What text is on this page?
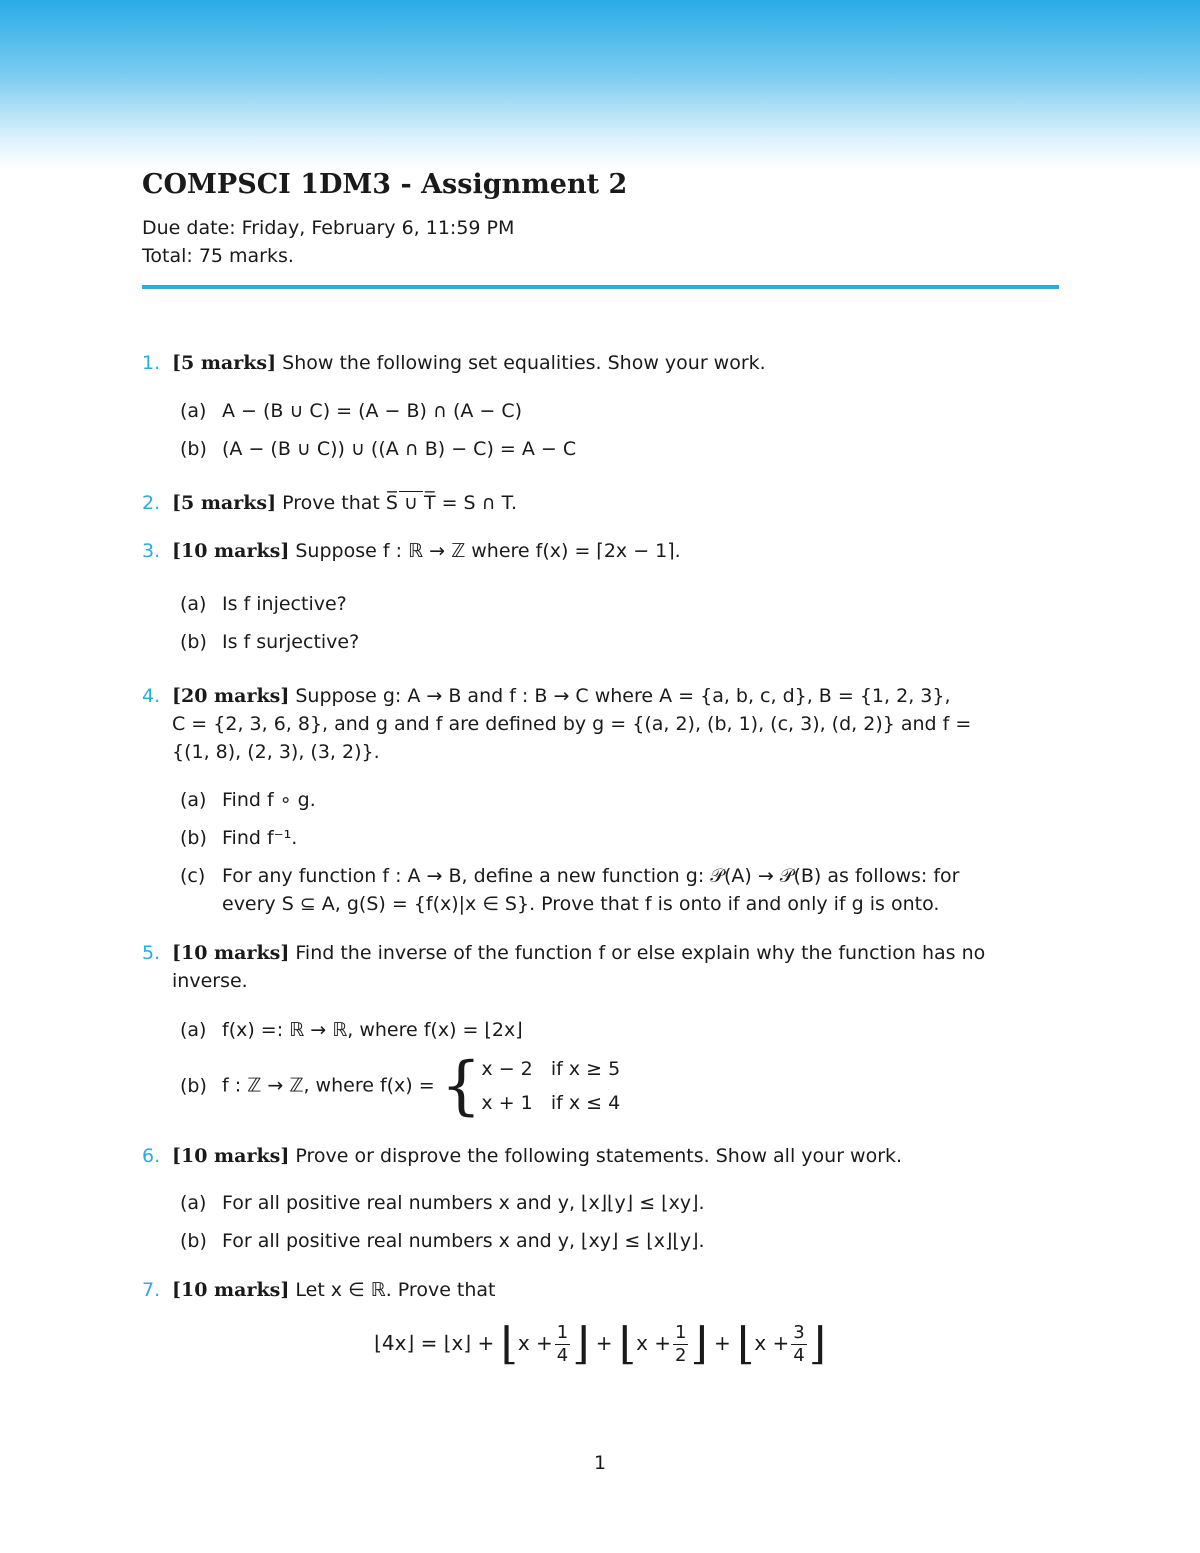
COMPSCI 1DM3 - Assignment 2
Due date: Friday, February 6, 11:59 PM
Total: 75 marks.
1. [5 marks] Show the following set equalities. Show your work.
(a) A − (B ∪ C) = (A − B) ∩ (A − C)
(b) (A − (B ∪ C)) ∪ ((A ∩ B) − C) = A − C
2. [5 marks] Prove that S̅ ∪ T̅ = S ∩ T.
3. [10 marks] Suppose f : ℝ → ℤ where f(x) = ⌈2x − 1⌉.
(a) Is f injective?
(b) Is f surjective?
4. [20 marks] Suppose g: A → B and f : B → C where A = {a, b, c, d}, B = {1, 2, 3},
C = {2, 3, 6, 8}, and g and f are defined by g = {(a, 2), (b, 1), (c, 3), (d, 2)} and f =
{(1, 8), (2, 3), (3, 2)}.
(a) Find f ∘ g.
(b) Find f⁻¹.
(c) For any function f : A → B, define a new function g: 𝒫(A) → 𝒫(B) as follows: for
every S ⊆ A, g(S) = {f(x)|x ∈ S}. Prove that f is onto if and only if g is onto.
5. [10 marks] Find the inverse of the function f or else explain why the function has no
inverse.
(a) f(x) =: ℝ → ℝ, where f(x) = ⌊2x⌋
(b) f : ℤ → ℤ, where f(x) = { x − 2   if x ≥ 5
x + 1   if x ≤ 4
6. [10 marks] Prove or disprove the following statements. Show all your work.
(a) For all positive real numbers x and y, ⌊x⌋⌊y⌋ ≤ ⌊xy⌋.
(b) For all positive real numbers x and y, ⌊xy⌋ ≤ ⌊x⌋⌊y⌋.
7. [10 marks] Let x ∈ ℝ. Prove that
⌊4x⌋ = ⌊x⌋ + ⌊x + $\frac{1}{4}$ ⌋ + ⌊x + $\frac{1}{2}$ ⌋ + ⌊x + $\frac{3}{4}$ ⌋
1
